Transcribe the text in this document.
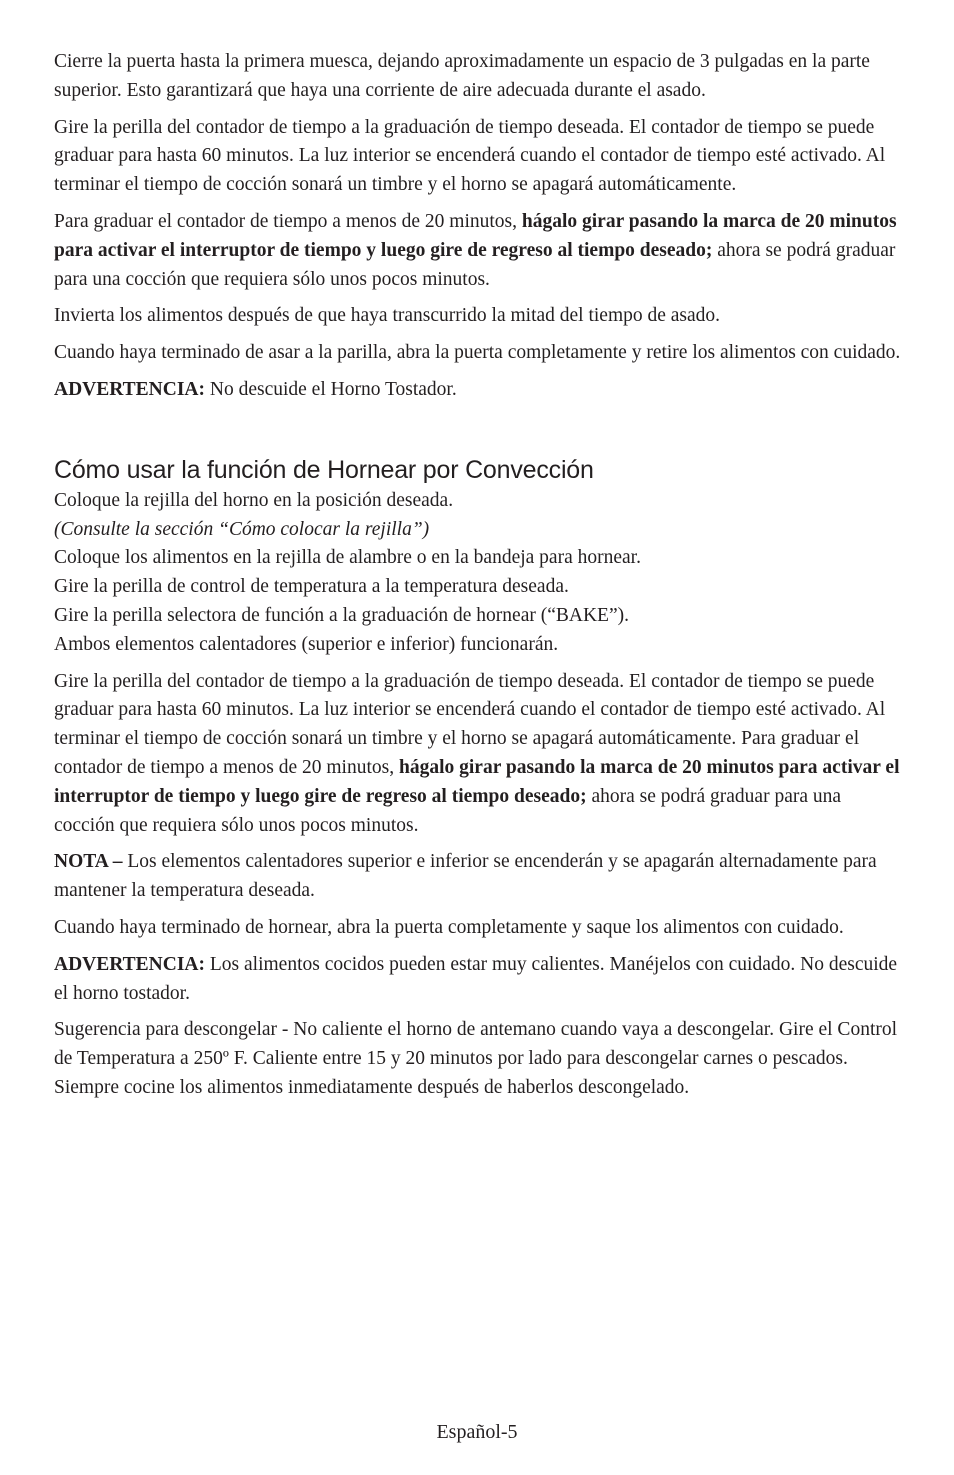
Cierre la puerta hasta la primera muesca, dejando aproximadamente un espacio de 3 pulgadas en la parte superior. Esto garantizará que haya una corriente de aire adecuada durante el asado.

Gire la perilla del contador de tiempo a la graduación de tiempo deseada. El contador de tiempo se puede graduar para hasta 60 minutos. La luz interior se encenderá cuando el contador de tiempo esté activado. Al terminar el tiempo de cocción sonará un timbre y el horno se apagará automáticamente.

Para graduar el contador de tiempo a menos de 20 minutos, hágalo girar pasando la marca de 20 minutos para activar el interruptor de tiempo y luego gire de regreso al tiempo deseado; ahora se podrá graduar para una cocción que requiera sólo unos pocos minutos.

Invierta los alimentos después de que haya transcurrido la mitad del tiempo de asado.

Cuando haya terminado de asar a la parilla, abra la puerta completamente y retire los alimentos con cuidado.

ADVERTENCIA: No descuide el Horno Tostador.

Cómo usar la función de Hornear por Convección

Coloque la rejilla del horno en la posición deseada.

(Consulte la sección “Cómo colocar la rejilla”)

Coloque los alimentos en la rejilla de alambre o en la bandeja para hornear.

Gire la perilla de control de temperatura a la temperatura deseada.

Gire la perilla selectora de función a la graduación de hornear (“BAKE”).

Ambos elementos calentadores (superior e inferior) funcionarán.

Gire la perilla del contador de tiempo a la graduación de tiempo deseada. El contador de tiempo se puede graduar para hasta 60 minutos. La luz interior se encenderá cuando el contador de tiempo esté activado. Al terminar el tiempo de cocción sonará un timbre y el horno se apagará automáticamente. Para graduar el contador de tiempo a menos de 20 minutos, hágalo girar pasando la marca de 20 minutos para activar el interruptor de tiempo y luego gire de regreso al tiempo deseado; ahora se podrá graduar para una cocción que requiera sólo unos pocos minutos.

NOTA – Los elementos calentadores superior e inferior se encenderán y se apagarán alternadamente para mantener la temperatura deseada.

Cuando haya terminado de hornear, abra la puerta completamente y saque los alimentos con cuidado.

ADVERTENCIA: Los alimentos cocidos pueden estar muy calientes. Manéjelos con cuidado. No descuide el horno tostador.

Sugerencia para descongelar - No caliente el horno de antemano cuando vaya a descongelar. Gire el Control de Temperatura a 250º F. Caliente entre 15 y 20 minutos por lado para descongelar carnes o pescados. Siempre cocine los alimentos inmediatamente después de haberlos descongelado.

Español-5
